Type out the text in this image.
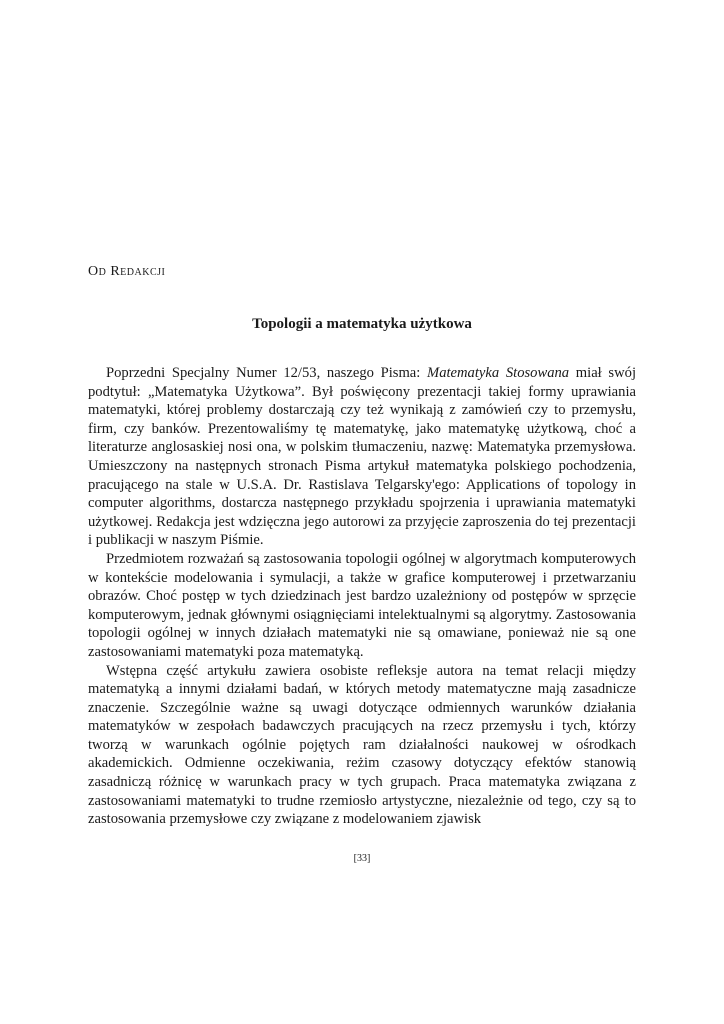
Od Redakcji
Topologii a matematyka użytkowa

Poprzedni Specjalny Numer 12/53, naszego Pisma: Matematyka Stosowana miał swój podtytuł: „Matematyka Użytkowa”. Był poświęcony prezentacji takiej formy uprawiania matematyki, której problemy dostarczają czy też wynikają z zamówień czy to przemysłu, firm, czy banków. Prezentowaliśmy tę matematykę, jako matematykę użytkową, choć a literaturze anglosaskiej nosi ona, w polskim tłumaczeniu, nazwę: Matematyka przemysłowa. Umieszczony na następnych stronach Pisma artykuł matematyka polskiego pochodzenia, pracującego na stale w U.S.A. Dr. Rastislava Telgarsky'ego: Applications of topology in computer algorithms, dostarcza następnego przykładu spojrzenia i uprawiania matematyki użytkowej. Redakcja jest wdzięczna jego autorowi za przyjęcie zaproszenia do tej prezentacji i publikacji w naszym Piśmie.

Przedmiotem rozważań są zastosowania topologii ogólnej w algorytmach komputerowych w kontekście modelowania i symulacji, a także w grafice komputerowej i przetwarzaniu obrazów. Choć postęp w tych dziedzinach jest bardzo uzależniony od postępów w sprzęcie komputerowym, jednak głównymi osiągnięciami intelektualnymi są algorytmy. Zastosowania topologii ogólnej w innych działach matematyki nie są omawiane, ponieważ nie są one zastosowaniami matematyki poza matematyką.

Wstępna część artykułu zawiera osobiste refleksje autora na temat relacji między matematyką a innymi działami badań, w których metody matematyczne mają zasadnicze znaczenie. Szczególnie ważne są uwagi dotyczące odmiennych warunków działania matematyków w zespołach badawczych pracujących na rzecz przemysłu i tych, którzy tworzą w warunkach ogólnie pojętych ram działalności naukowej w ośrodkach akademickich. Odmienne oczekiwania, reżim czasowy dotyczący efektów stanowią zasadniczą różnicę w warunkach pracy w tych grupach. Praca matematyka związana z zastosowaniami matematyki to trudne rzemiosło artystyczne, niezależnie od tego, czy są to zastosowania przemysłowe czy związane z modelowaniem zjawisk

[33]
